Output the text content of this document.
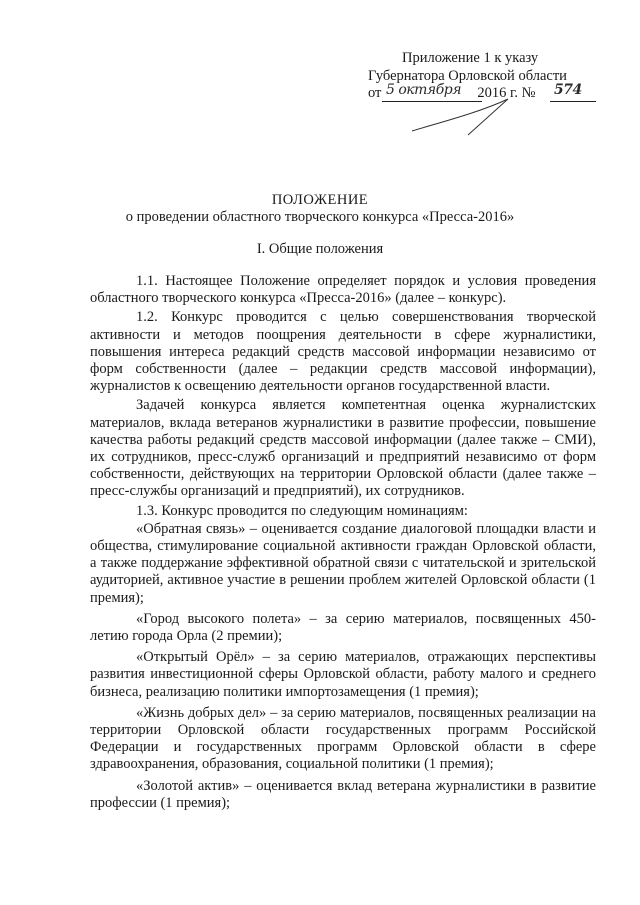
Приложение 1 к указу
Губернатора Орловской области
от	2016 г. №
5 октября	574
ПОЛОЖЕНИЕ
о проведении областного творческого конкурса «Пресса-2016»
I. Общие положения

1.1. Настоящее Положение определяет порядок и условия проведения областного творческого конкурса «Пресса-2016» (далее – конкурс).

1.2. Конкурс проводится с целью совершенствования творческой активности и методов поощрения деятельности в сфере журналистики, повышения интереса редакций средств массовой информации независимо от форм собственности (далее – редакции средств массовой информации), журналистов к освещению деятельности органов государственной власти.

Задачей конкурса является компетентная оценка журналистских материалов, вклада ветеранов журналистики в развитие профессии, повышение качества работы редакций средств массовой информации (далее также – СМИ), их сотрудников, пресс-служб организаций и предприятий независимо от форм собственности, действующих на территории Орловской области (далее также – пресс-службы организаций и предприятий), их сотрудников.

1.3. Конкурс проводится по следующим номинациям:

«Обратная связь» – оценивается создание диалоговой площадки власти и общества, стимулирование социальной активности граждан Орловской области, а также поддержание эффективной обратной связи с читательской и зрительской аудиторией, активное участие в решении проблем жителей Орловской области (1 премия);

«Город высокого полета» – за серию материалов, посвященных 450-летию города Орла (2 премии);

«Открытый Орёл» – за серию материалов, отражающих перспективы развития инвестиционной сферы Орловской области, работу малого и среднего бизнеса, реализацию политики импортозамещения (1 премия);

«Жизнь добрых дел» – за серию материалов, посвященных реализации на территории Орловской области государственных программ Российской Федерации и государственных программ Орловской области в сфере здравоохранения, образования, социальной политики (1 премия);

«Золотой актив» – оценивается вклад ветерана журналистики в развитие профессии (1 премия);
